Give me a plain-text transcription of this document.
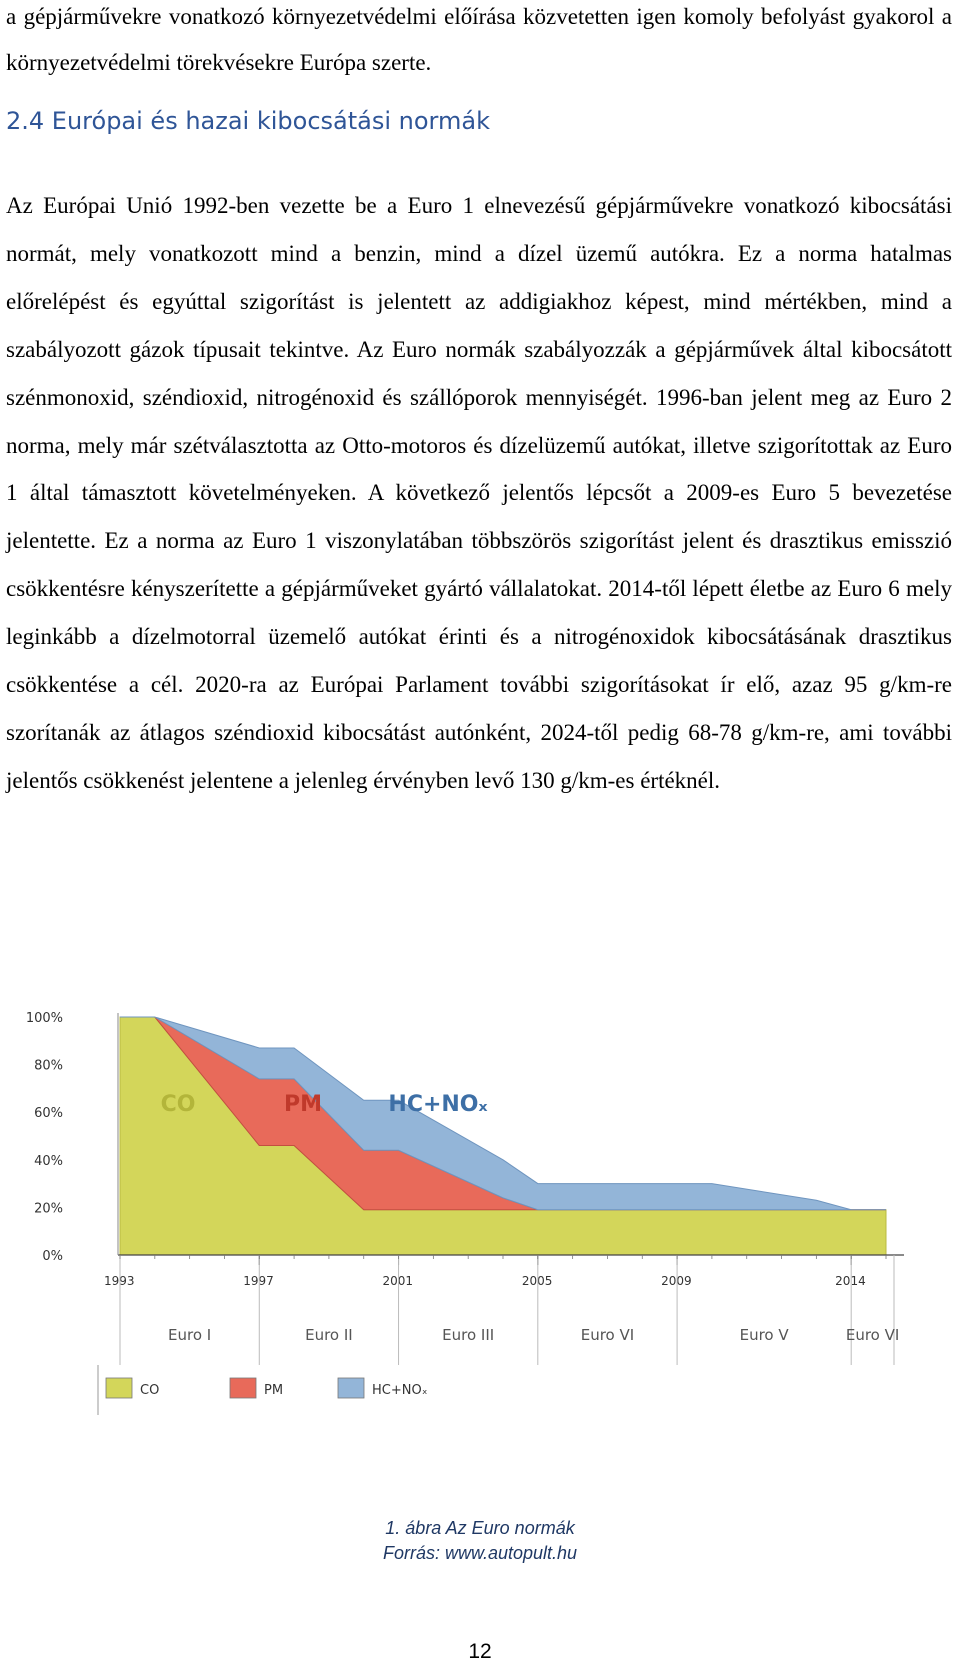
a gépjárművekre vonatkozó környezetvédelmi előírása közvetetten igen komoly befolyást gyakorol a környezetvédelmi törekvésekre Európa szerte.

2.4 Európai és hazai kibocsátási normák

Az Európai Unió 1992-ben vezette be a Euro 1 elnevezésű gépjárművekre vonatkozó kibocsátási normát, mely vonatkozott mind a benzin, mind a dízel üzemű autókra. Ez a norma hatalmas előrelépést és egyúttal szigorítást is jelentett az addigiakhoz képest, mind mértékben, mind a szabályozott gázok típusait tekintve. Az Euro normák szabályozzák a gépjárművek által kibocsátott szénmonoxid, széndioxid, nitrogénoxid és szállóporok mennyiségét. 1996-ban jelent meg az Euro 2 norma, mely már szétválasztotta az Otto-motoros és dízelüzemű autókat, illetve szigorítottak az Euro 1 által támasztott követelményeken. A következő jelentős lépcsőt a 2009-es Euro 5 bevezetése jelentette. Ez a norma az Euro 1 viszonylatában többszörös szigorítást jelent és drasztikus emisszió csökkentésre kényszerítette a gépjárműveket gyártó vállalatokat. 2014-től lépett életbe az Euro 6 mely leginkább a dízelmotorral üzemelő autókat érinti és a nitrogénoxidok kibocsátásának drasztikus csökkentése a cél. 2020-ra az Európai Parlament további szigorításokat ír elő, azaz 95 g/km-re szorítanák az átlagos széndioxid kibocsátást autónként, 2024-től pedig 68-78 g/km-re, ami további jelentős csökkenést jelentene a jelenleg érvényben levő 130 g/km-es értéknél.

100%
80%
60%
40%
20%
0%
1993	1997	2001	2005	2009	2014
Euro I	Euro II	Euro III	Euro VI	Euro V	Euro VI
CO	PM	HC+NOₓ
CO	PM	HC+NOₓ

1. ábra Az Euro normák

Forrás: www.autopult.hu

12
